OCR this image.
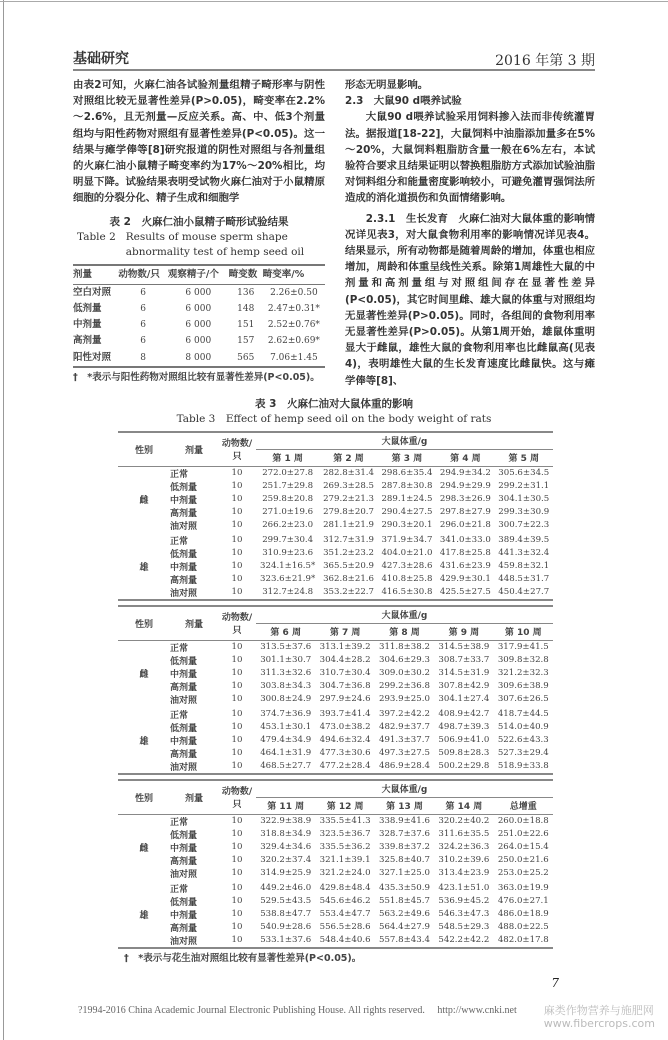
基础研究	2016 年第 3 期

由表2可知，火麻仁油各试验剂量组精子畸形率与阴性对照组比较无显著性差异(P>0.05)，畸变率在2.2%～2.6%，且无剂量—反应关系。高、中、低3个剂量组均与阳性药物对照组有显著性差异(P<0.05)。这一结果与瘫学俸等[8]研究报道的阴性对照组与各剂量组的火麻仁油小鼠精子畸变率约为17%～20%相比，均明显下降。试验结果表明受试物火麻仁油对于小鼠精原细胞的分裂分化、精子生成和细胞学

表 2　火麻仁油小鼠精子畸形试验结果
Table 2 Results of mouse sperm shape abnormality test of hemp seed oil
剂量	动物数/只	观察精子/个	畸变数	畸变率/%
空白对照	6	6 000	136	2.26±0.50
低剂量	6	6 000	148	2.47±0.31*
中剂量	6	6 000	151	2.52±0.76*
高剂量	6	6 000	157	2.62±0.69*
阳性对照	8	8 000	565	7.06±1.45
†　*表示与阳性药物对照组比较有显著性差异(P<0.05)。

形态无明显影响。

2.3　大鼠90 d喂养试验

大鼠90 d喂养试验采用饲料掺入法而非传统灌胃法。据报道[18-22]，大鼠饲料中油脂添加量多在5%～20%，大鼠饲料粗脂肪含量一般在6%左右，本试验符合要求且结果证明以替换粗脂肪方式添加试验油脂对饲料组分和能量密度影响较小，可避免灌胃强饲法所造成的消化道损伤和负面情绪影响。

2.3.1　生长发育　火麻仁油对大鼠体重的影响情况详见表3，对大鼠食物利用率的影响情况详见表4。结果显示，所有动物都是随着周龄的增加，体重也相应增加，周龄和体重呈线性关系。除第1周雄性大鼠的中剂量和高剂量组与对照组间存在显著性差异(P<0.05)，其它时间里雌、雄大鼠的体重与对照组均无显著性差异(P>0.05)。同时，各组间的食物利用率无显著性差异(P>0.05)。从第1周开始，雄鼠体重明显大于雌鼠，雄性大鼠的食物利用率也比雌鼠高(见表4)，表明雄性大鼠的生长发育速度比雌鼠快。这与瘫学俸等[8]、

表 3　火麻仁油对大鼠体重的影响
Table 3　Effect of hemp seed oil on the body weight of rats
性别	剂量	动物数/只	大鼠体重/g				
			第 1 周	第 2 周	第 3 周	第 4 周	第 5 周
雌	正常	10	272.0±27.8	282.8±31.4	298.6±35.4	294.9±34.2	305.6±34.5
	低剂量	10	251.7±29.8	269.3±28.5	287.8±30.8	294.9±29.9	299.2±31.1
	中剂量	10	259.8±20.8	279.2±21.3	289.1±24.5	298.3±26.9	304.1±30.5
	高剂量	10	271.0±19.6	279.8±20.7	290.4±27.5	297.8±27.9	299.3±30.9
	油对照	10	266.2±23.0	281.1±21.9	290.3±20.1	296.0±21.8	300.7±22.3
雄	正常	10	299.7±30.4	312.7±31.9	371.9±34.7	341.0±33.0	389.4±39.5
	低剂量	10	310.9±23.6	351.2±23.2	404.0±21.0	417.8±25.8	441.3±32.4
	中剂量	10	324.1±16.5*	365.5±20.9	427.3±28.6	431.6±23.9	459.8±32.1
	高剂量	10	323.6±21.9*	362.8±21.6	410.8±25.8	429.9±30.1	448.5±31.7
	油对照	10	312.7±24.8	353.2±22.7	416.5±30.8	425.5±27.5	450.4±27.7
性别	剂量	动物数/只	大鼠体重/g				
			第 6 周	第 7 周	第 8 周	第 9 周	第 10 周
雌	正常	10	313.5±37.6	313.1±39.2	311.8±38.2	314.5±38.9	317.9±41.5
	低剂量	10	301.1±30.7	304.4±28.2	304.6±29.3	308.7±33.7	309.8±32.8
	中剂量	10	311.3±32.6	310.7±30.4	309.0±30.2	314.5±31.9	321.2±32.3
	高剂量	10	303.8±34.3	304.7±36.8	299.2±36.8	307.8±42.9	309.6±38.9
	油对照	10	300.8±24.9	297.9±24.6	293.9±25.0	304.1±27.4	307.6±26.5
雄	正常	10	374.7±36.9	393.7±41.4	397.2±42.2	408.9±42.7	418.7±44.5
	低剂量	10	453.1±30.1	473.0±38.2	482.9±37.7	498.7±39.3	514.0±40.9
	中剂量	10	479.4±34.9	494.6±32.4	491.3±37.7	506.9±41.0	522.6±43.3
	高剂量	10	464.1±31.9	477.3±30.6	497.3±27.5	509.8±28.3	527.3±29.4
	油对照	10	468.5±27.7	477.2±28.4	486.9±28.4	500.2±29.8	518.9±33.8
性别	剂量	动物数/只	大鼠体重/g				
			第 11 周	第 12 周	第 13 周	第 14 周	总增重
雌	正常	10	322.9±38.9	335.5±41.3	338.9±41.6	320.2±40.2	260.0±18.8
	低剂量	10	318.8±34.9	323.5±36.7	328.7±37.6	311.6±35.5	251.0±22.6
	中剂量	10	329.4±34.6	335.5±36.2	339.8±37.2	324.2±36.3	264.0±15.4
	高剂量	10	320.2±37.4	321.1±39.1	325.8±40.7	310.2±39.6	250.0±21.6
	油对照	10	314.9±25.9	321.2±24.0	327.1±25.0	313.4±23.9	253.0±25.2
雄	正常	10	449.2±46.0	429.8±48.4	435.3±50.9	423.1±51.0	363.0±19.9
	低剂量	10	529.5±43.5	545.6±46.2	551.8±45.7	536.9±45.2	476.0±27.1
	中剂量	10	538.8±47.7	553.4±47.7	563.2±49.6	546.3±47.3	486.0±18.9
	高剂量	10	540.9±28.6	556.5±28.6	564.4±27.9	548.5±29.3	488.0±22.5
	油对照	10	533.1±37.6	548.4±40.6	557.8±43.4	542.2±42.2	482.0±17.8
†　*表示与花生油对照组比较有显著性差异(P<0.05)。
7
?1994-2016 China Academic Journal Electronic Publishing House. All rights reserved. http://www.cnki.net	麻类作物营养与施肥网
www.fibercrops.com
